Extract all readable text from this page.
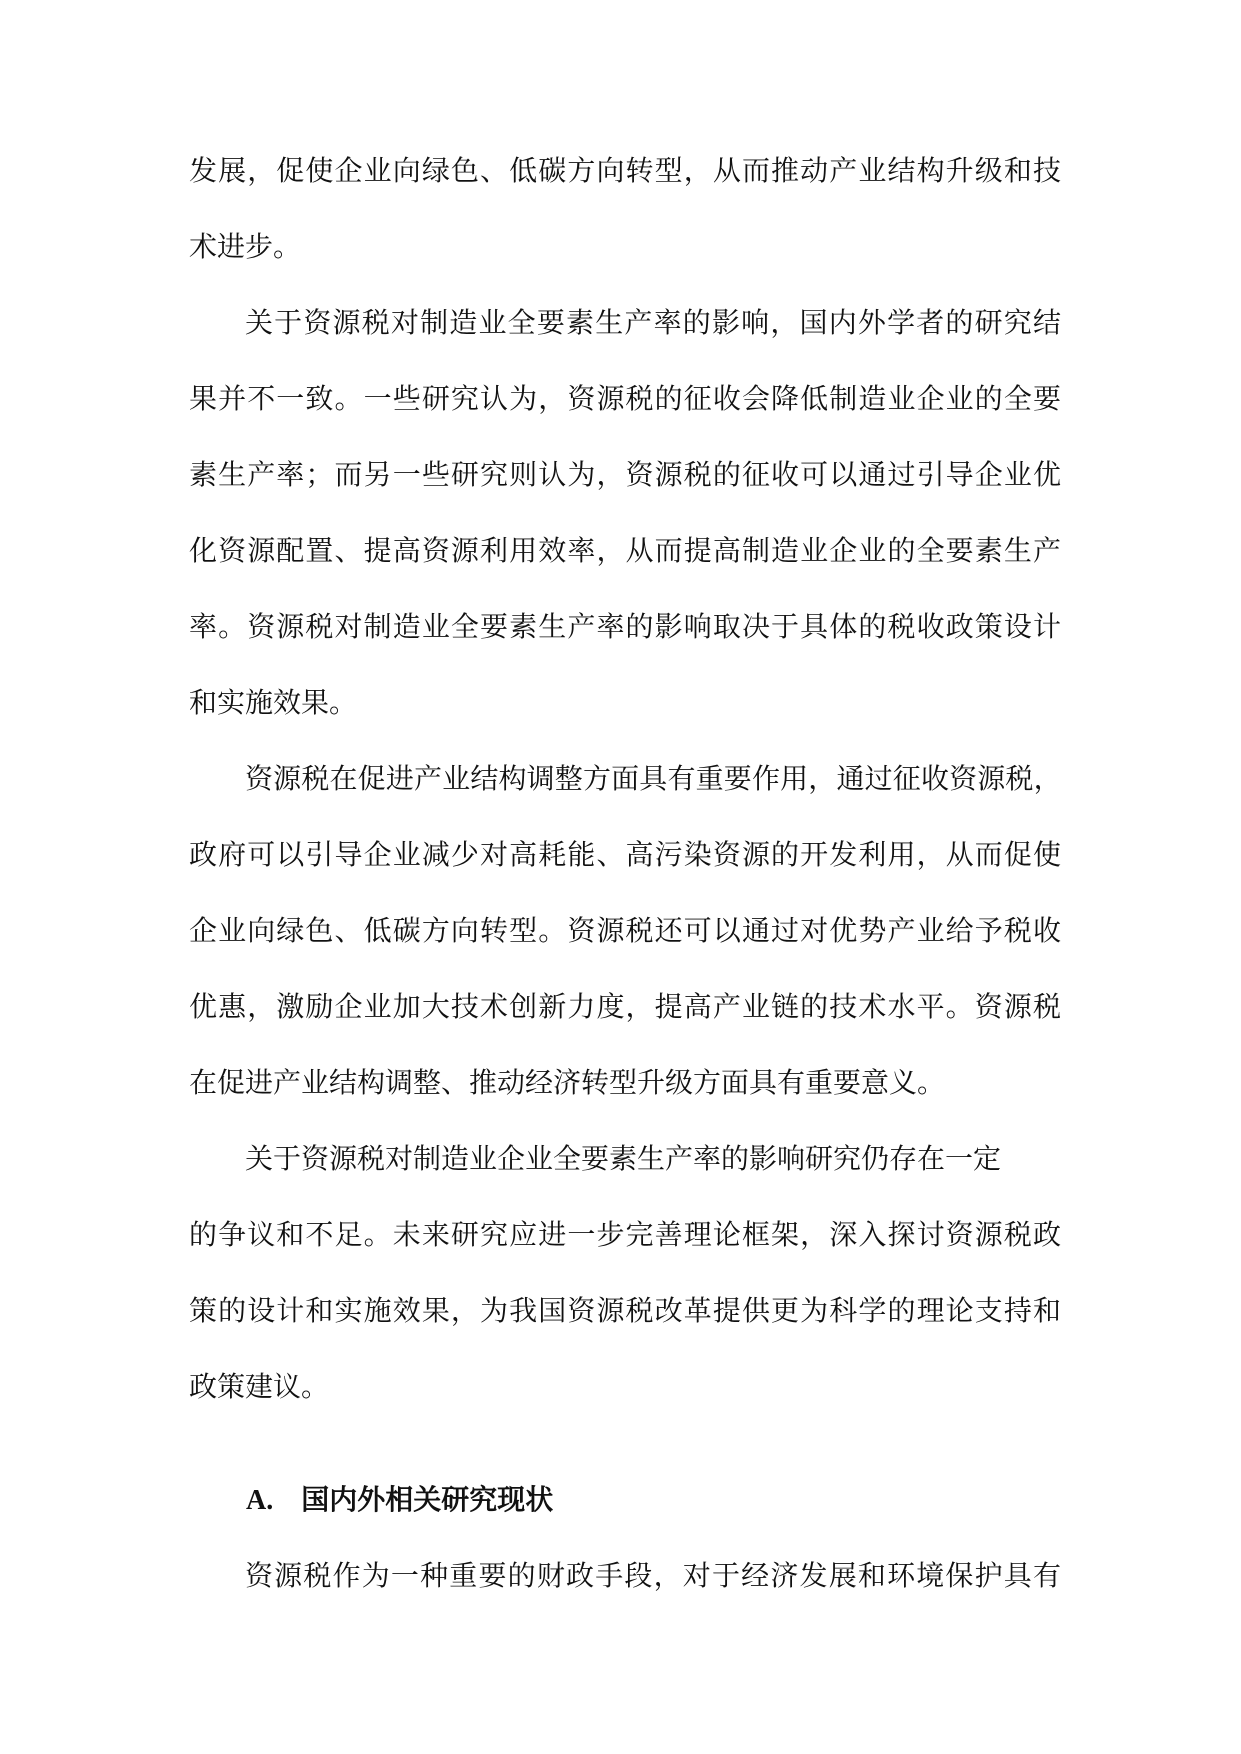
发展，促使企业向绿色、低碳方向转型，从而推动产业结构升级和技
术进步。
关于资源税对制造业全要素生产率的影响，国内外学者的研究结
果并不一致。一些研究认为，资源税的征收会降低制造业企业的全要
素生产率；而另一些研究则认为，资源税的征收可以通过引导企业优
化资源配置、提高资源利用效率，从而提高制造业企业的全要素生产
率。资源税对制造业全要素生产率的影响取决于具体的税收政策设计
和实施效果。
资源税在促进产业结构调整方面具有重要作用，通过征收资源税，
政府可以引导企业减少对高耗能、高污染资源的开发利用，从而促使
企业向绿色、低碳方向转型。资源税还可以通过对优势产业给予税收
优惠，激励企业加大技术创新力度，提高产业链的技术水平。资源税
在促进产业结构调整、推动经济转型升级方面具有重要意义。
关于资源税对制造业企业全要素生产率的影响研究仍存在一定
的争议和不足。未来研究应进一步完善理论框架，深入探讨资源税政
策的设计和实施效果，为我国资源税改革提供更为科学的理论支持和
政策建议。
A. 国内外相关研究现状
资源税作为一种重要的财政手段，对于经济发展和环境保护具有
